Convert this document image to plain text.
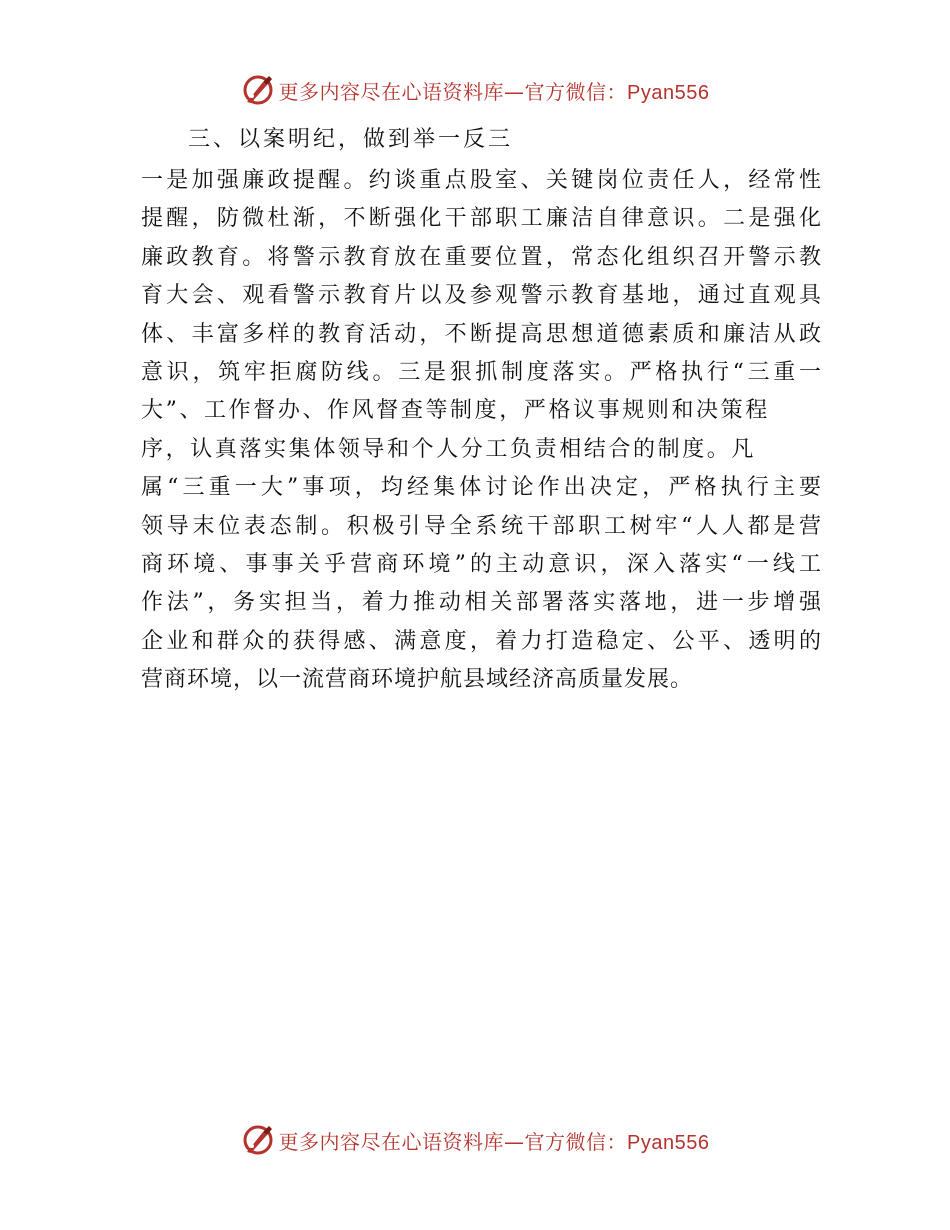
更多内容尽在心语资料库—官方微信：Pyan556
三、以案明纪，做到举一反三
一是加强廉政提醒。约谈重点股室、关键岗位责任人，经常性
提醒，防微杜渐，不断强化干部职工廉洁自律意识。二是强化
廉政教育。将警示教育放在重要位置，常态化组织召开警示教
育大会、观看警示教育片以及参观警示教育基地，通过直观具
体、丰富多样的教育活动，不断提高思想道德素质和廉洁从政
意识，筑牢拒腐防线。三是狠抓制度落实。严格执行“三重一
大”、工作督办、作风督查等制度，严格议事规则和决策程
序，认真落实集体领导和个人分工负责相结合的制度。凡
属“三重一大”事项，均经集体讨论作出决定，严格执行主要
领导末位表态制。积极引导全系统干部职工树牢“人人都是营
商环境、事事关乎营商环境”的主动意识，深入落实“一线工
作法”，务实担当，着力推动相关部署落实落地，进一步增强
企业和群众的获得感、满意度，着力打造稳定、公平、透明的
营商环境，以一流营商环境护航县域经济高质量发展。
更多内容尽在心语资料库—官方微信：Pyan556
